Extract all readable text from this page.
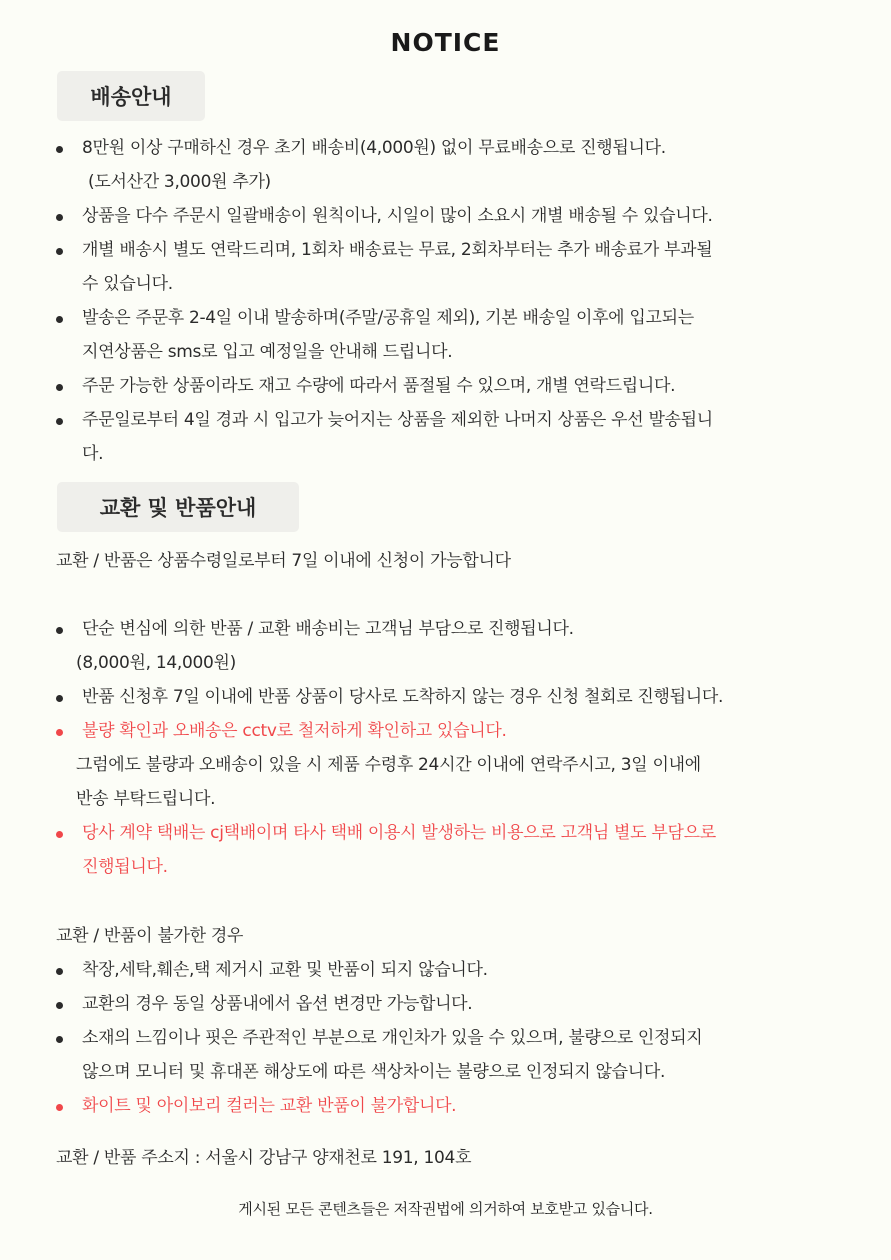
NOTICE
배송안내
8만원 이상 구매하신 경우 초기 배송비(4,000원) 없이 무료배송으로 진행됩니다.
(도서산간 3,000원 추가)
상품을 다수 주문시 일괄배송이 원칙이나, 시일이 많이 소요시 개별 배송될 수 있습니다.
개별 배송시 별도 연락드리며, 1회차 배송료는 무료, 2회차부터는 추가 배송료가 부과될
수 있습니다.
발송은 주문후 2-4일 이내 발송하며(주말/공휴일 제외), 기본 배송일 이후에 입고되는
지연상품은 sms로 입고 예정일을 안내해 드립니다.
주문 가능한 상품이라도 재고 수량에 따라서 품절될 수 있으며, 개별 연락드립니다.
주문일로부터 4일 경과 시 입고가 늦어지는 상품을 제외한 나머지 상품은 우선 발송됩니
다.
교환 및 반품안내
교환 / 반품은 상품수령일로부터 7일 이내에 신청이 가능합니다
단순 변심에 의한 반품 / 교환 배송비는 고객님 부담으로 진행됩니다.
(8,000원, 14,000원)
반품 신청후 7일 이내에 반품 상품이 당사로 도착하지 않는 경우 신청 철회로 진행됩니다.
불량 확인과 오배송은 cctv로 철저하게 확인하고 있습니다.
그럼에도 불량과 오배송이 있을 시 제품 수령후 24시간 이내에 연락주시고, 3일 이내에
반송 부탁드립니다.
당사 계약 택배는 cj택배이며 타사 택배 이용시 발생하는 비용으로 고객님 별도 부담으로
진행됩니다.
교환 / 반품이 불가한 경우
착장,세탁,훼손,택 제거시 교환 및 반품이 되지 않습니다.
교환의 경우 동일 상품내에서 옵션 변경만 가능합니다.
소재의 느낌이나 핏은 주관적인 부분으로 개인차가 있을 수 있으며, 불량으로 인정되지
않으며 모니터 및 휴대폰 해상도에 따른 색상차이는 불량으로 인정되지 않습니다.
화이트 및 아이보리 컬러는 교환 반품이 불가합니다.
교환 / 반품 주소지 : 서울시 강남구 양재천로 191, 104호
게시된 모든 콘텐츠들은 저작권법에 의거하여 보호받고 있습니다.
